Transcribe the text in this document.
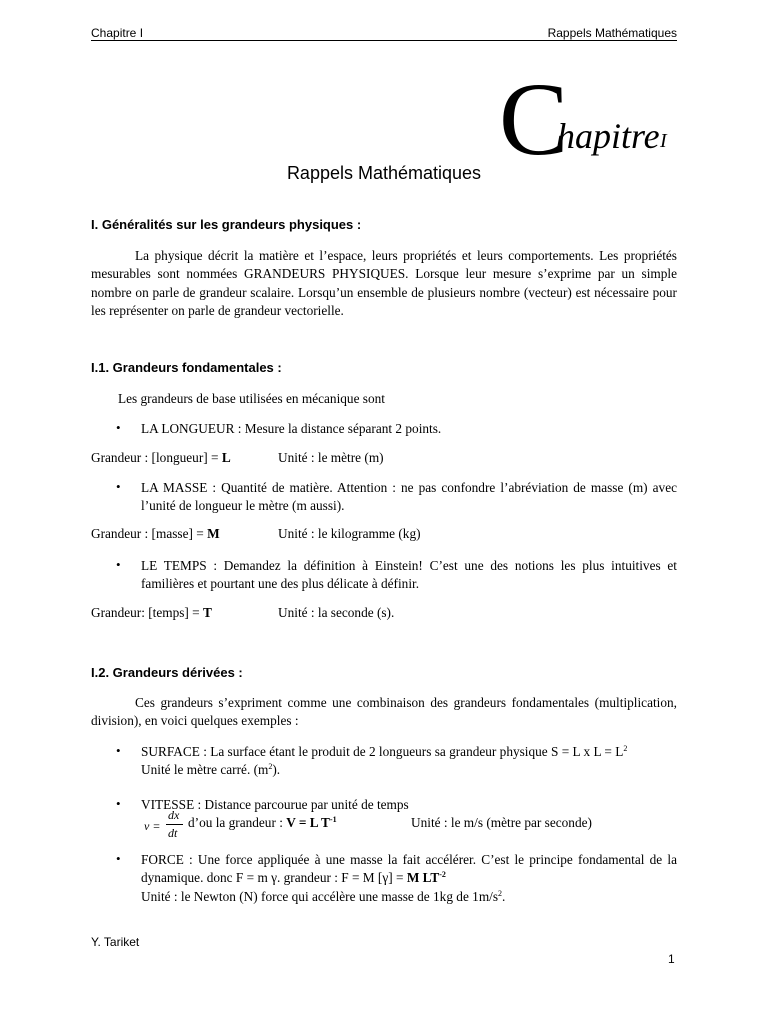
Chapitre I	Rappels Mathématiques
C
hapitre I
Rappels Mathématiques
I. Généralités sur les grandeurs physiques :
La physique décrit la matière et l’espace, leurs propriétés et leurs comportements. Les propriétés mesurables sont nommées GRANDEURS PHYSIQUES. Lorsque leur mesure s’exprime par un simple nombre on parle de grandeur scalaire. Lorsqu’un ensemble de plusieurs nombre (vecteur) est nécessaire pour les représenter on parle de grandeur vectorielle.
I.1. Grandeurs fondamentales :
Les grandeurs de base utilisées en mécanique sont
• LA LONGUEUR : Mesure la distance séparant 2 points.
Grandeur : [longueur] = L	Unité : le mètre (m)
• LA MASSE : Quantité de matière. Attention : ne pas confondre l’abréviation de masse (m) avec l’unité de longueur le mètre (m aussi).
Grandeur : [masse] = M	Unité : le kilogramme (kg)
• LE TEMPS : Demandez la définition à Einstein! C’est une des notions les plus intuitives et familières et pourtant une des plus délicate à définir.
Grandeur: [temps] = T	Unité : la seconde (s).
I.2. Grandeurs dérivées :
Ces grandeurs s’expriment comme une combinaison des grandeurs fondamentales (multiplication, division), en voici quelques exemples :
• SURFACE : La surface étant le produit de 2 longueurs sa grandeur physique S = L x $L = L^2$
Unité le mètre carré. $(m^2)$.
• VITESSE : Distance parcourue par unité de temps
v =
dx
dt
d’ou la grandeur : V = L $T^{-1}$	Unité : le m/s (mètre par seconde)
• FORCE : Une force appliquée à une masse la fait accélérer. C’est le principe fondamental de la dynamique. donc F = m γ. grandeur : F = M [γ] = M $LT^{-2}$
Unité : le Newton (N) force qui accélère une masse de 1kg de $1m/s^2$.
Y. Tariket
1
